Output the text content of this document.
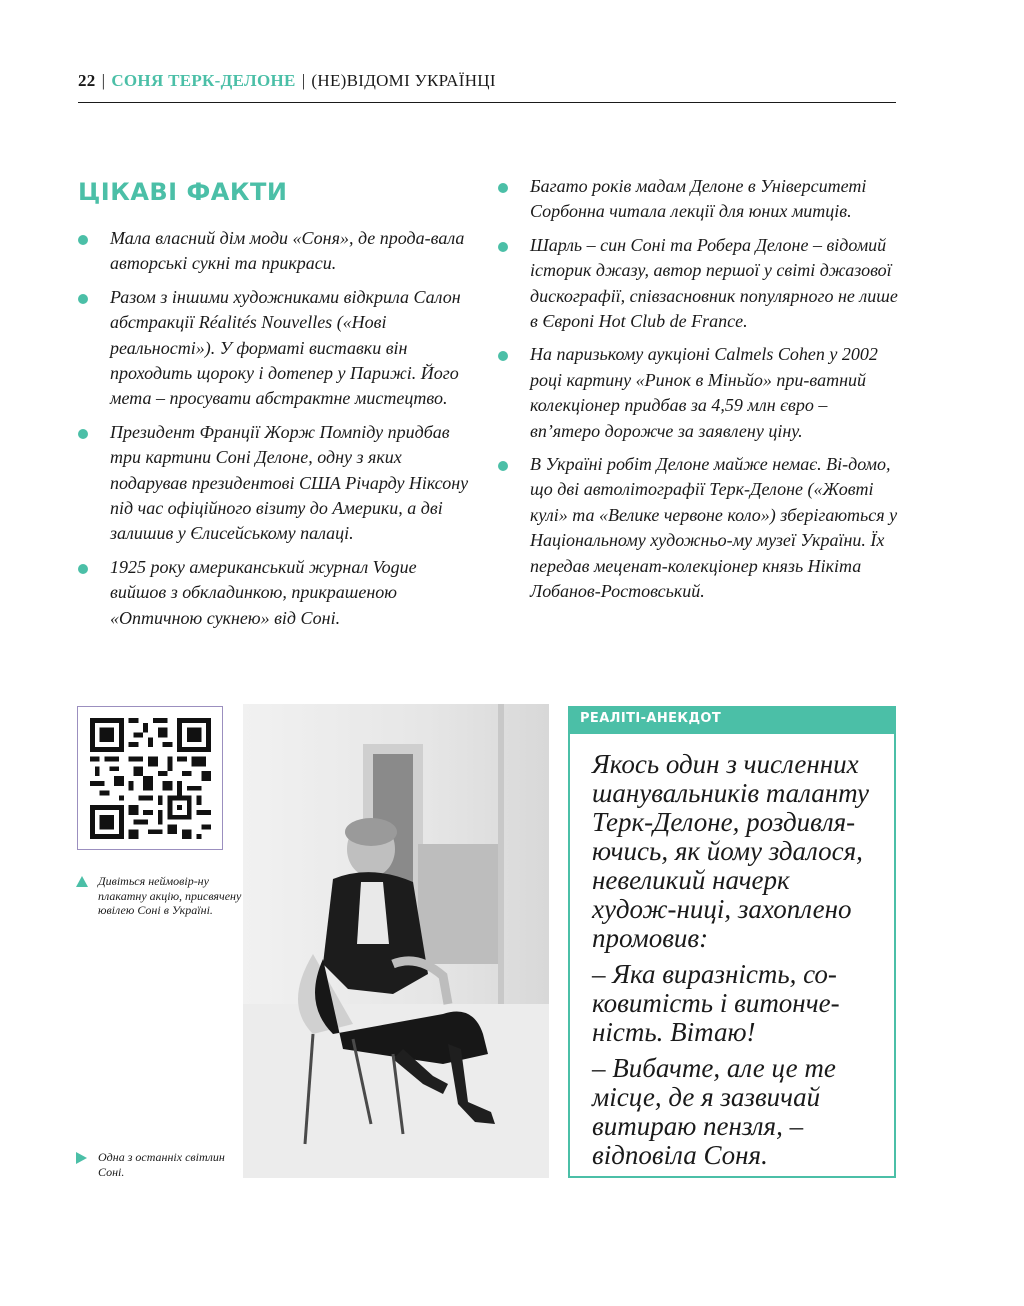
22 | СОНЯ ТЕРК-ДЕЛОНЕ | (НЕ)ВІДОМІ УКРАЇНЦІ
ЦІКАВІ ФАКТИ
Мала власний дім моди «Соня», де прода-вала авторські сукні та прикраси.
Разом з іншими художниками відкрила Салон абстракції Réalités Nouvelles («Нові реальності»). У форматі виставки він проходить щороку і дотепер у Парижі. Його мета – просувати абстрактне мистецтво.
Президент Франції Жорж Помпіду придбав три картини Соні Делоне, одну з яких подарував президентові США Річарду Ніксону під час офіційного візиту до Америки, а дві залишив у Єлисейському палаці.
1925 року американський журнал Vogue вийшов з обкладинкою, прикрашеною «Оптичною сукнею» від Соні.
Багато років мадам Делоне в Університеті Сорбонна читала лекції для юних митців.
Шарль – син Соні та Робера Делоне – відомий історик джазу, автор першої у світі джазової дискографії, співзасновник популярного не лише в Європі Hot Club de France.
На паризькому аукціоні Calmels Cohen у 2002 році картину «Ринок в Міньйо» при-ватний колекціонер придбав за 4,59 млн євро – вп’ятеро дорожче за заявлену ціну.
В Україні робіт Делоне майже немає. Ві-домо, що дві автолітографії Терк-Делоне («Жовті кулі» та «Велике червоне коло») зберігаються у Національному художньо-му музеї України. Їх передав меценат-колекціонер князь Нікіта Лобанов-Ростовський.
Дивіться неймовір-ну плакатну акцію, присвячену ювілею Соні в Україні.
Одна з останніх світлин Соні.
РЕАЛІТІ-АНЕКДОТ

Якось один з численних шанувальників таланту Терк-Делоне, роздивля-ючись, як йому здалося, невеликий начерк худож-ниці, захоплено промовив:

– Яка виразність, со-ковитість і витонче-ність. Вітаю!

– Вибачте, але це те місце, де я зазвичай витираю пензля, – відповіла Соня.
